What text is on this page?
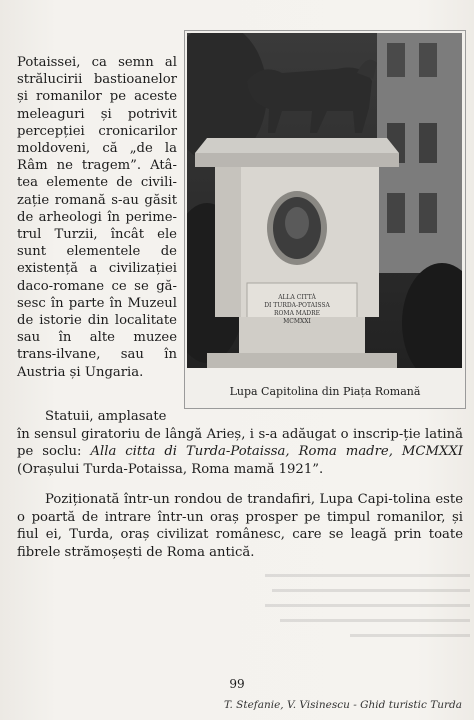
Potaissei, ca semn al strălucirii bastioanelor și romanilor pe aceste meleaguri și potrivit percepției cronicarilor moldoveni, că „de la Râm ne tragem”. Atâ-tea elemente de civili-zație romană s-au găsit de arheologi în perime-trul Turzii, încât ele sunt elementele de existență a civilizației daco-romane ce se gă-sesc în parte în Muzeul de istorie din localitate sau în alte muzee trans-ilvane, sau în Austria și Ungaria.

ALLA CITTÀ
DI TURDA-POTAISSA
ROMA MADRE
MCMXXI
Lupa Capitolina din Piața Romană

Statuii, amplasate

în sensul giratoriu de lângă Arieș, i s-a adăugat o inscrip-ție latină pe soclu: Alla citta di Turda-Potaissa, Roma madre, MCMXXI (Orașului Turda-Potaissa, Roma mamă 1921”.

Poziționată într-un rondou de trandafiri, Lupa Capi-tolina este o poartă de intrare într-un oraș prosper pe timpul romanilor, și fiul ei, Turda, oraș civilizat românesc, care se leagă prin toate fibrele strămoșești de Roma antică.

99
T. Stefanie, V. Visinescu - Ghid turistic Turda
